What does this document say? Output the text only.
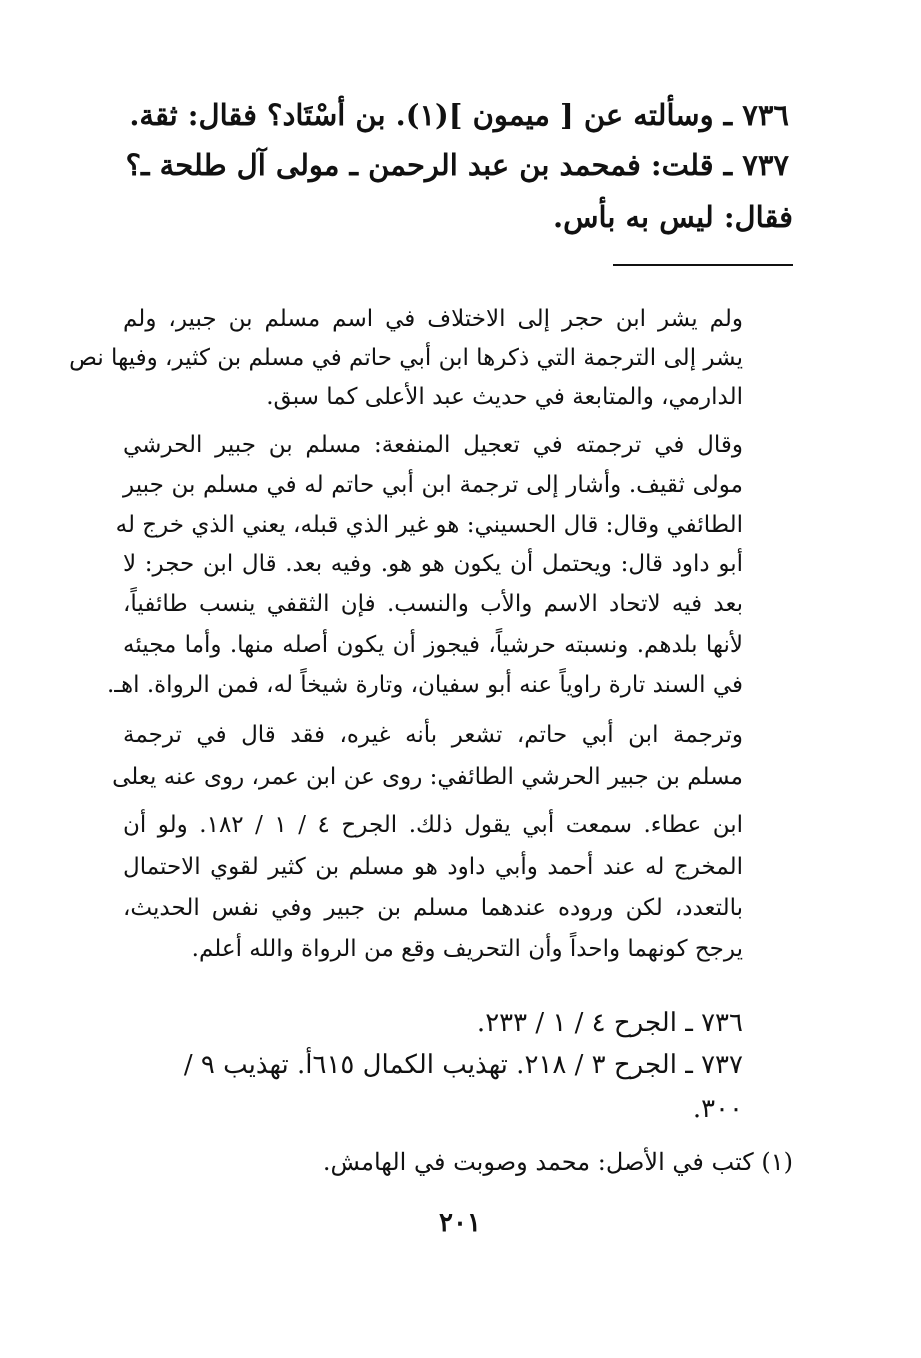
٧٣٦ ـ وسألته عن [ ميمون ](١). بن أسْتَاد؟ فقال: ثقة.
٧٣٧ ـ قلت: فمحمد بن عبد الرحمن ـ مولى آل طلحة ـ؟
فقال: ليس به بأس.
ولم يشر ابن حجر إلى الاختلاف في اسم مسلم بن جبير، ولم
يشر إلى الترجمة التي ذكرها ابن أبي حاتم في مسلم بن كثير، وفيها نص
الدارمي، والمتابعة في حديث عبد الأعلى كما سبق.
وقال في ترجمته في تعجيل المنفعة: مسلم بن جبير الحرشي
مولى ثقيف. وأشار إلى ترجمة ابن أبي حاتم له في مسلم بن جبير
الطائفي وقال: قال الحسيني: هو غير الذي قبله، يعني الذي خرج له
أبو داود قال: ويحتمل أن يكون هو هو. وفيه بعد. قال ابن حجر: لا
بعد فيه لاتحاد الاسم والأب والنسب. فإن الثقفي ينسب طائفياً،
لأنها بلدهم. ونسبته حرشياً، فيجوز أن يكون أصله منها. وأما مجيئه
في السند تارة راوياً عنه أبو سفيان، وتارة شيخاً له، فمن الرواة. اهـ.
وترجمة ابن أبي حاتم، تشعر بأنه غيره، فقد قال في ترجمة
مسلم بن جبير الحرشي الطائفي: روى عن ابن عمر، روى عنه يعلى
ابن عطاء. سمعت أبي يقول ذلك. الجرح ٤ / ١ / ١٨٢. ولو أن
المخرج له عند أحمد وأبي داود هو مسلم بن كثير لقوي الاحتمال
بالتعدد، لكن وروده عندهما مسلم بن جبير وفي نفس الحديث،
يرجح كونهما واحداً وأن التحريف وقع من الرواة والله أعلم.
٧٣٦ ـ الجرح ٤ / ١ / ٢٣٣.
٧٣٧ ـ الجرح ٣ / ٢١٨. تهذيب الكمال ٦١٥أ. تهذيب ٩ /
٣٠٠.
(١) كتب في الأصل: محمد وصوبت في الهامش.
٢٠١
